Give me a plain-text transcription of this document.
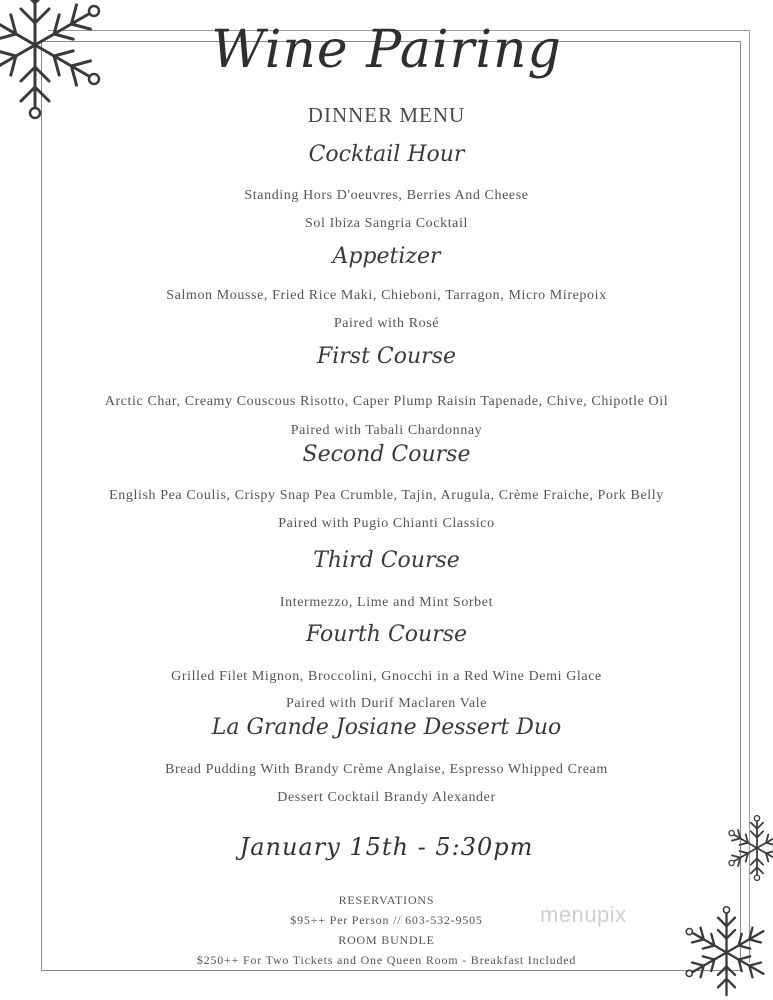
Wine Pairing
DINNER MENU
Cocktail Hour
Standing Hors D'oeuvres, Berries And Cheese
Sol Ibiza Sangria Cocktail
Appetizer
Salmon Mousse, Fried Rice Maki, Chieboni, Tarragon, Micro Mirepoix
Paired with Rosé
First Course
Arctic Char, Creamy Couscous Risotto, Caper Plump Raisin Tapenade, Chive, Chipotle Oil
Paired with Tabali Chardonnay
Second Course
English Pea Coulis, Crispy Snap Pea Crumble, Tajin, Arugula, Crème Fraiche, Pork Belly
Paired with Pugio Chianti Classico
Third Course
Intermezzo, Lime and Mint Sorbet
Fourth Course
Grilled Filet Mignon, Broccolini, Gnocchi in a Red Wine Demi Glace
Paired with Durif Maclaren Vale
La Grande Josiane Dessert Duo
Bread Pudding With Brandy Crème Anglaise, Espresso Whipped Cream
Dessert Cocktail Brandy Alexander
January 15th - 5:30pm
RESERVATIONS
$95++ Per Person // 603-532-9505
ROOM BUNDLE
$250++ For Two Tickets and One Queen Room - Breakfast Included
menupix
